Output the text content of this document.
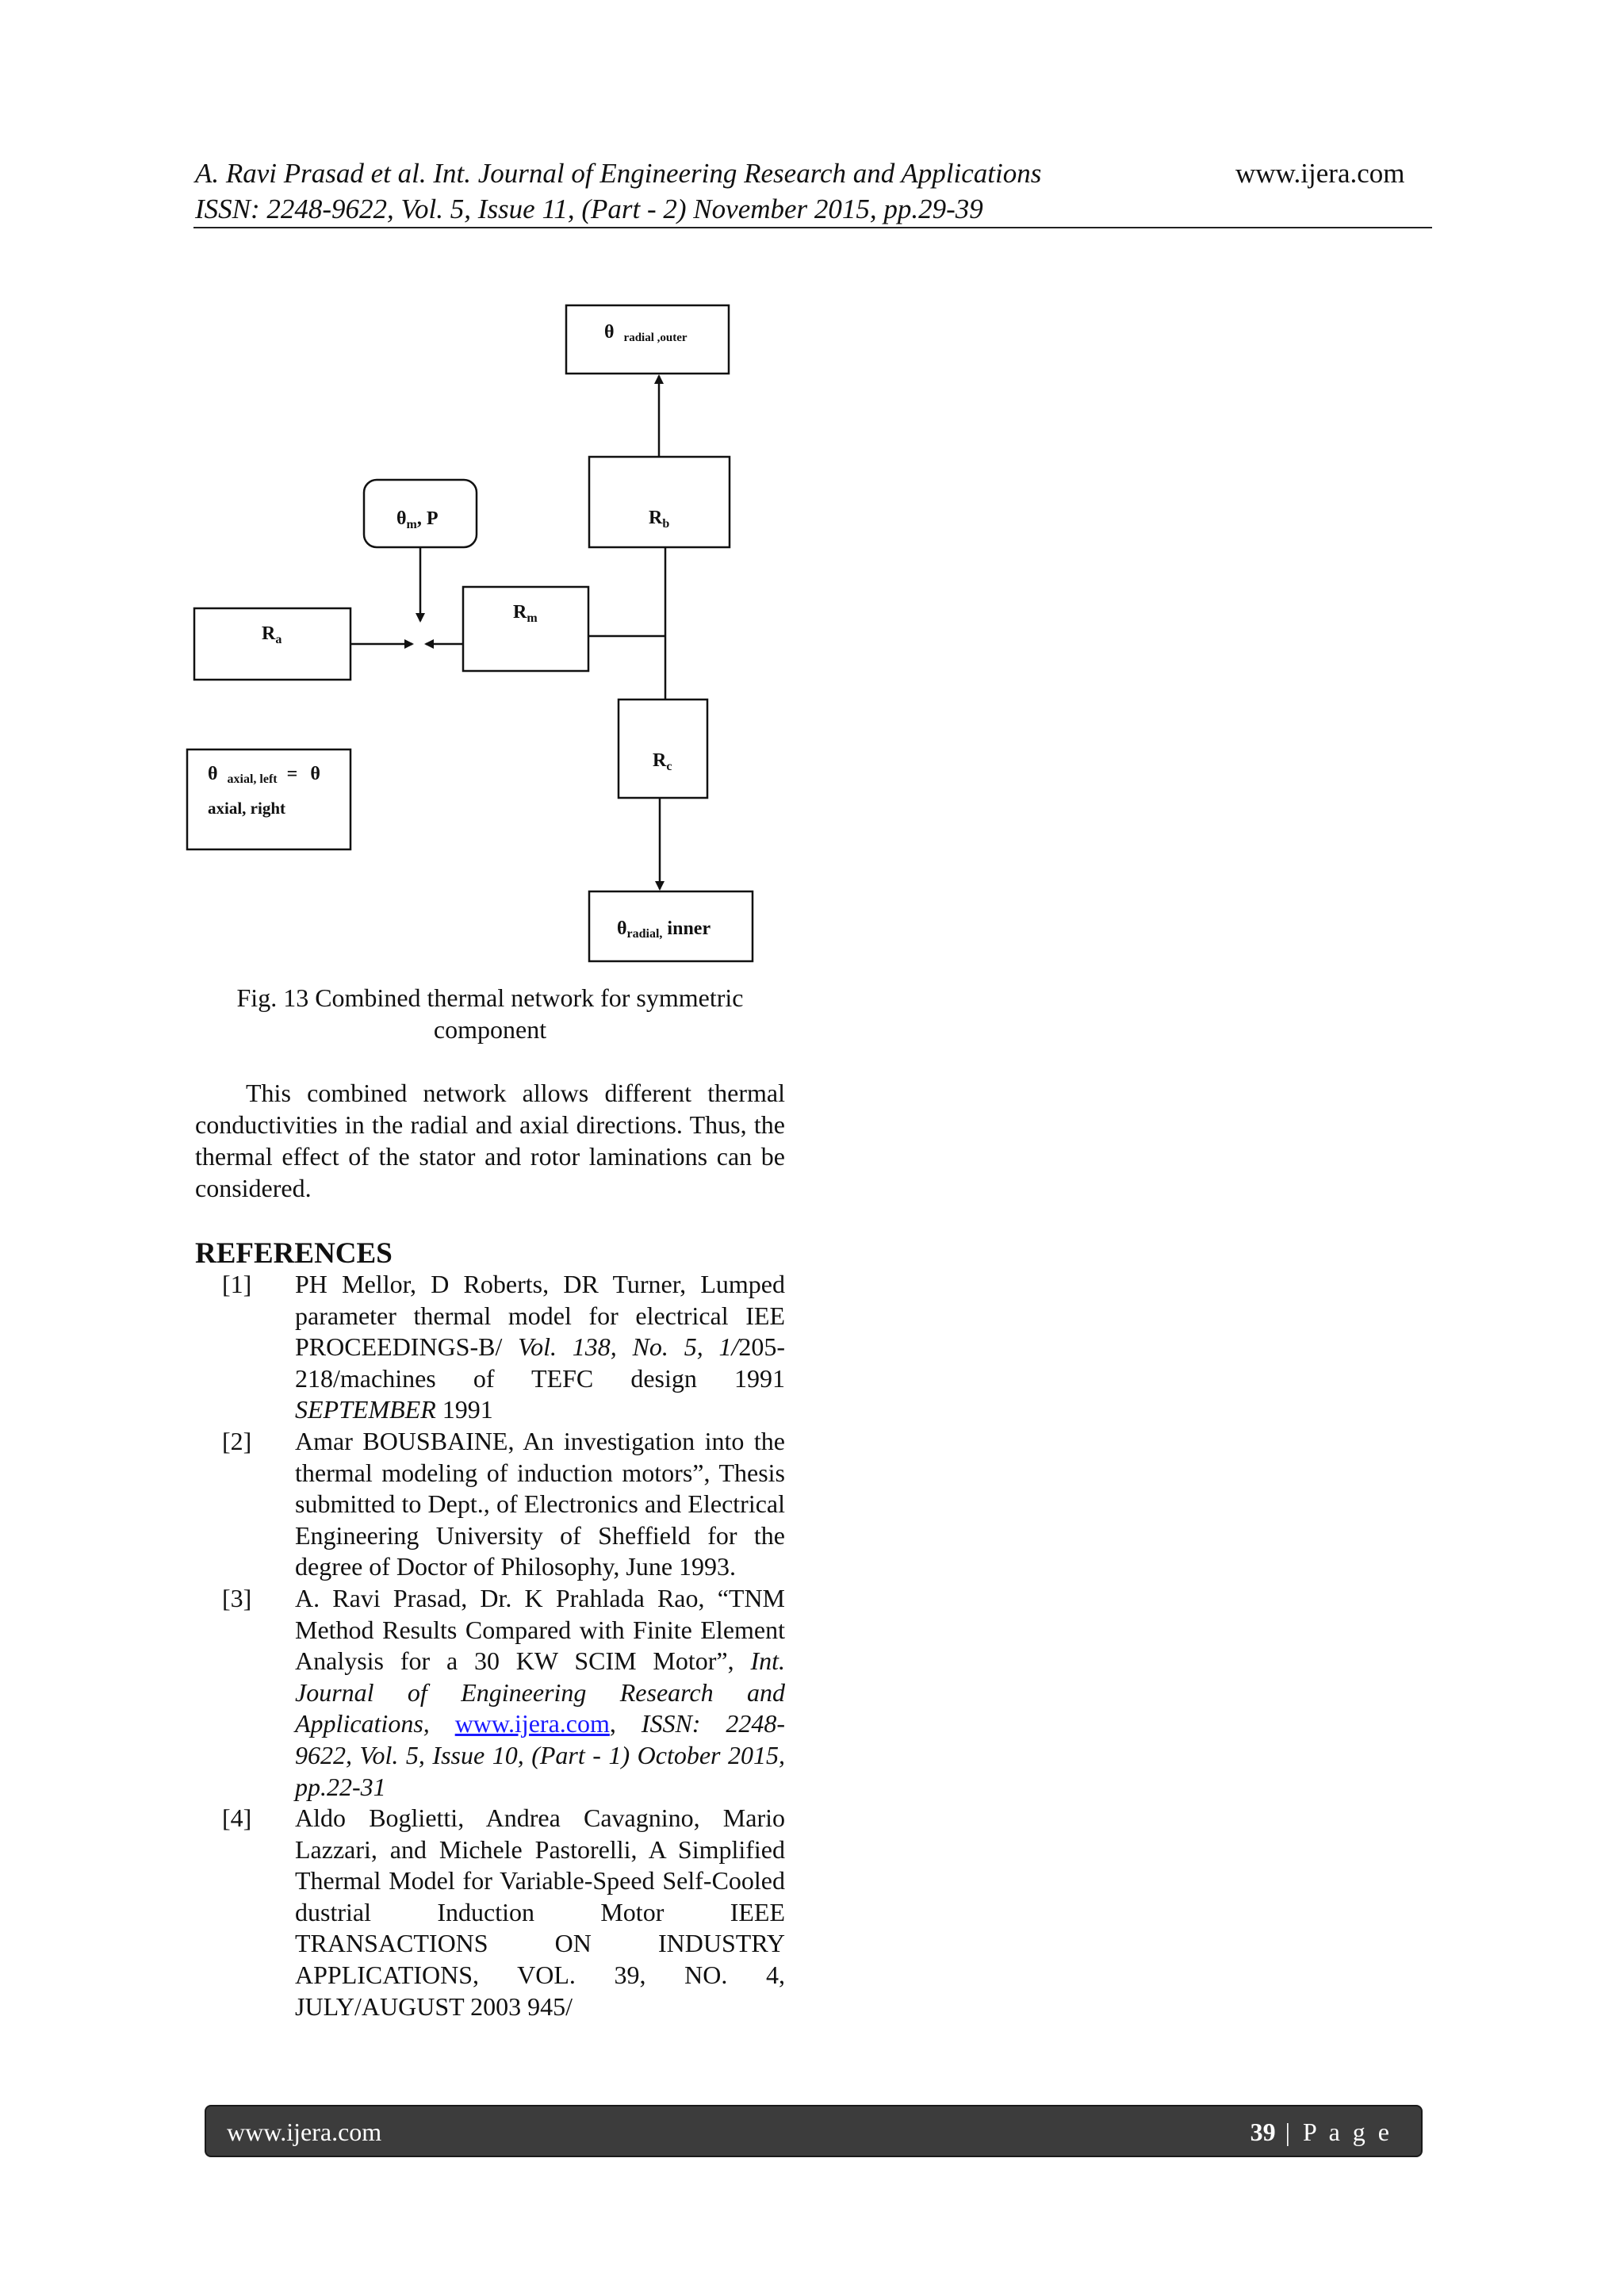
A. Ravi Prasad et al. Int. Journal of Engineering Research and Applications
ISSN: 2248-9622, Vol. 5, Issue 11, (Part - 2) November 2015, pp.29-39
www.ijera.com
θ radial ,outer
$R_b$
$\theta_m$, P
$R_m$
$R_a$
$R_c$
θ axial, left = θ
axial, right
θradial, inner
Fig. 13 Combined thermal network for symmetric
component
This combined network allows different thermal conductivities in the radial and axial directions. Thus, the thermal effect of the stator and rotor laminations can be considered.
REFERENCES
[1] PH Mellor, D Roberts, DR Turner, Lumped parameter thermal model for electrical IEE PROCEEDINGS-B/ Vol. 138, No. 5, 1/205-218/machines of TEFC design 1991 SEPTEMBER 1991
[2] Amar BOUSBAINE, An investigation into the thermal modeling of induction motors”, Thesis submitted to Dept., of Electronics and Electrical Engineering University of Sheffield for the degree of Doctor of Philosophy, June 1993.
[3] A. Ravi Prasad, Dr. K Prahlada Rao, “TNM Method Results Compared with Finite Element Analysis for a 30 KW SCIM Motor”, Int. Journal of Engineering Research and Applications, www.ijera.com, ISSN: 2248-9622, Vol. 5, Issue 10, (Part - 1) October 2015, pp.22-31
[4] Aldo Boglietti, Andrea Cavagnino, Mario Lazzari, and Michele Pastorelli, A Simplified Thermal Model for Variable-Speed Self-Cooled dustrial Induction Motor IEEE TRANSACTIONS ON INDUSTRY APPLICATIONS, VOL. 39, NO. 4, JULY/AUGUST 2003 945/
www.ijera.com	39 | P a g e
